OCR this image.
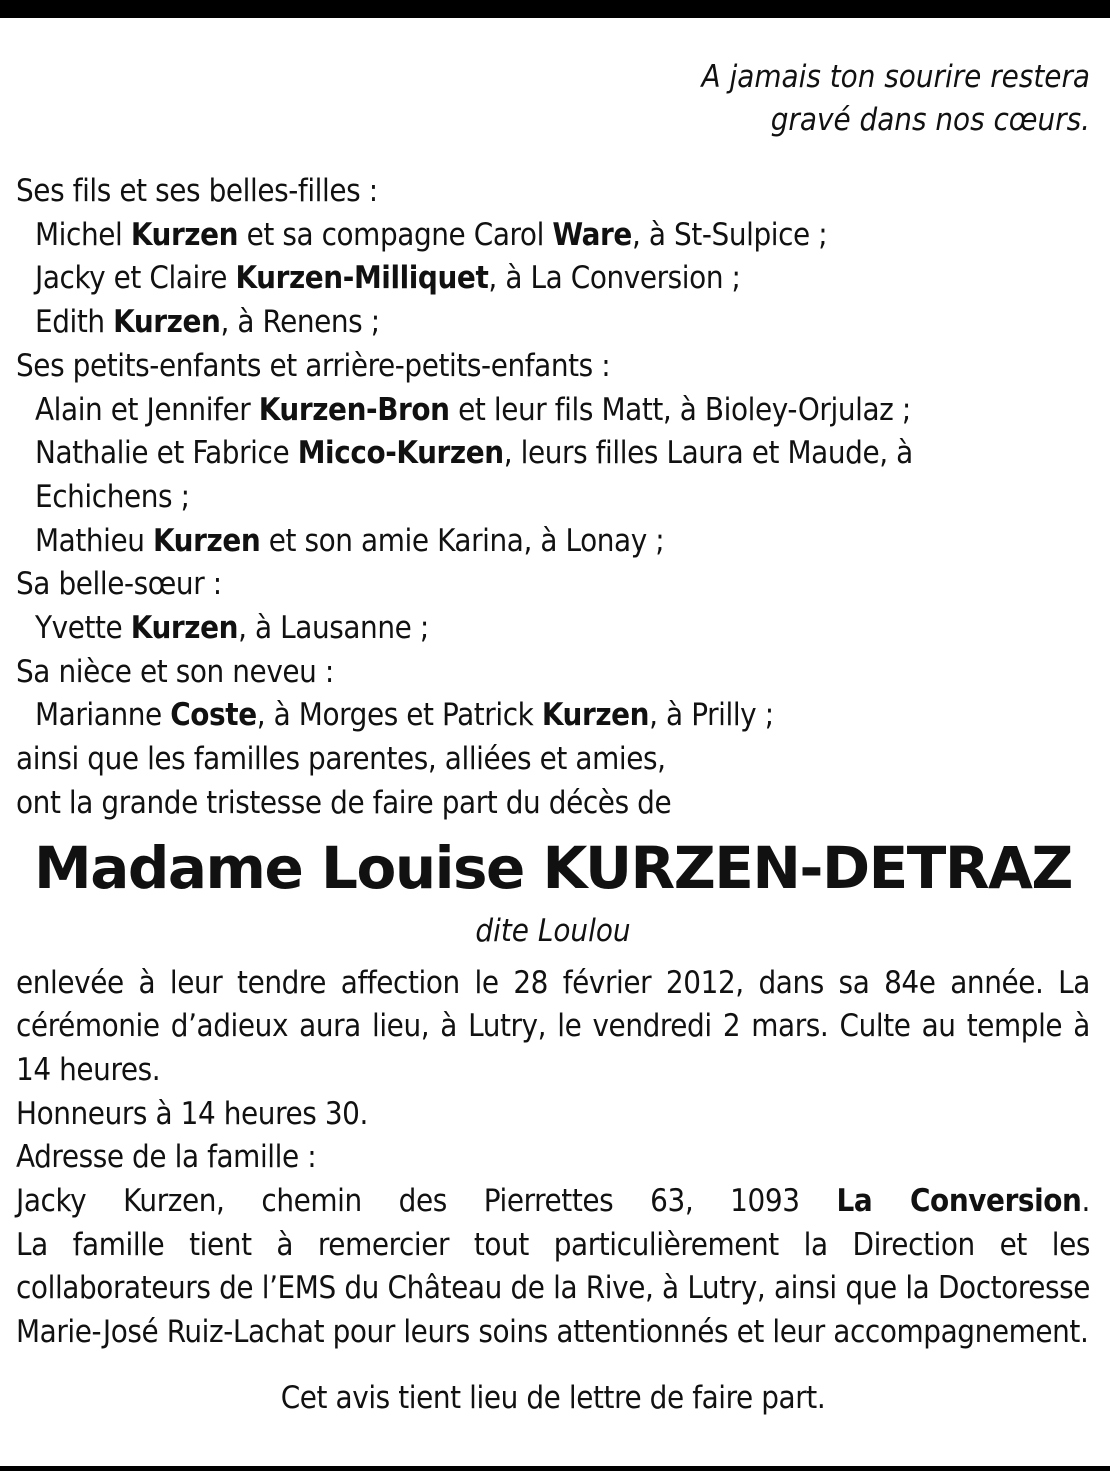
A jamais ton sourire restera
gravé dans nos cœurs.
Ses fils et ses belles-filles :
Michel Kurzen et sa compagne Carol Ware, à St-Sulpice ;
Jacky et Claire Kurzen-Milliquet, à La Conversion ;
Edith Kurzen, à Renens ;
Ses petits-enfants et arrière-petits-enfants :
Alain et Jennifer Kurzen-Bron et leur fils Matt, à Bioley-Orjulaz ;
Nathalie et Fabrice Micco-Kurzen, leurs filles Laura et Maude, à
Echichens ;
Mathieu Kurzen et son amie Karina, à Lonay ;
Sa belle-sœur :
Yvette Kurzen, à Lausanne ;
Sa nièce et son neveu :
Marianne Coste, à Morges et Patrick Kurzen, à Prilly ;
ainsi que les familles parentes, alliées et amies,
ont la grande tristesse de faire part du décès de
Madame Louise KURZEN-DETRAZ
dite Loulou
enlevée à leur tendre affection le 28 février 2012, dans sa 84e année. La cérémonie d’adieux aura lieu, à Lutry, le vendredi 2 mars. Culte au temple à 14 heures.
Honneurs à 14 heures 30.
Adresse de la famille :
Jacky Kurzen, chemin des Pierrettes 63, 1093 La Conversion.
La famille tient à remercier tout particulièrement la Direction et les collaborateurs de l’EMS du Château de la Rive, à Lutry, ainsi que la Doctoresse Marie-José Ruiz-Lachat pour leurs soins attentionnés et leur accompagnement.
Cet avis tient lieu de lettre de faire part.
